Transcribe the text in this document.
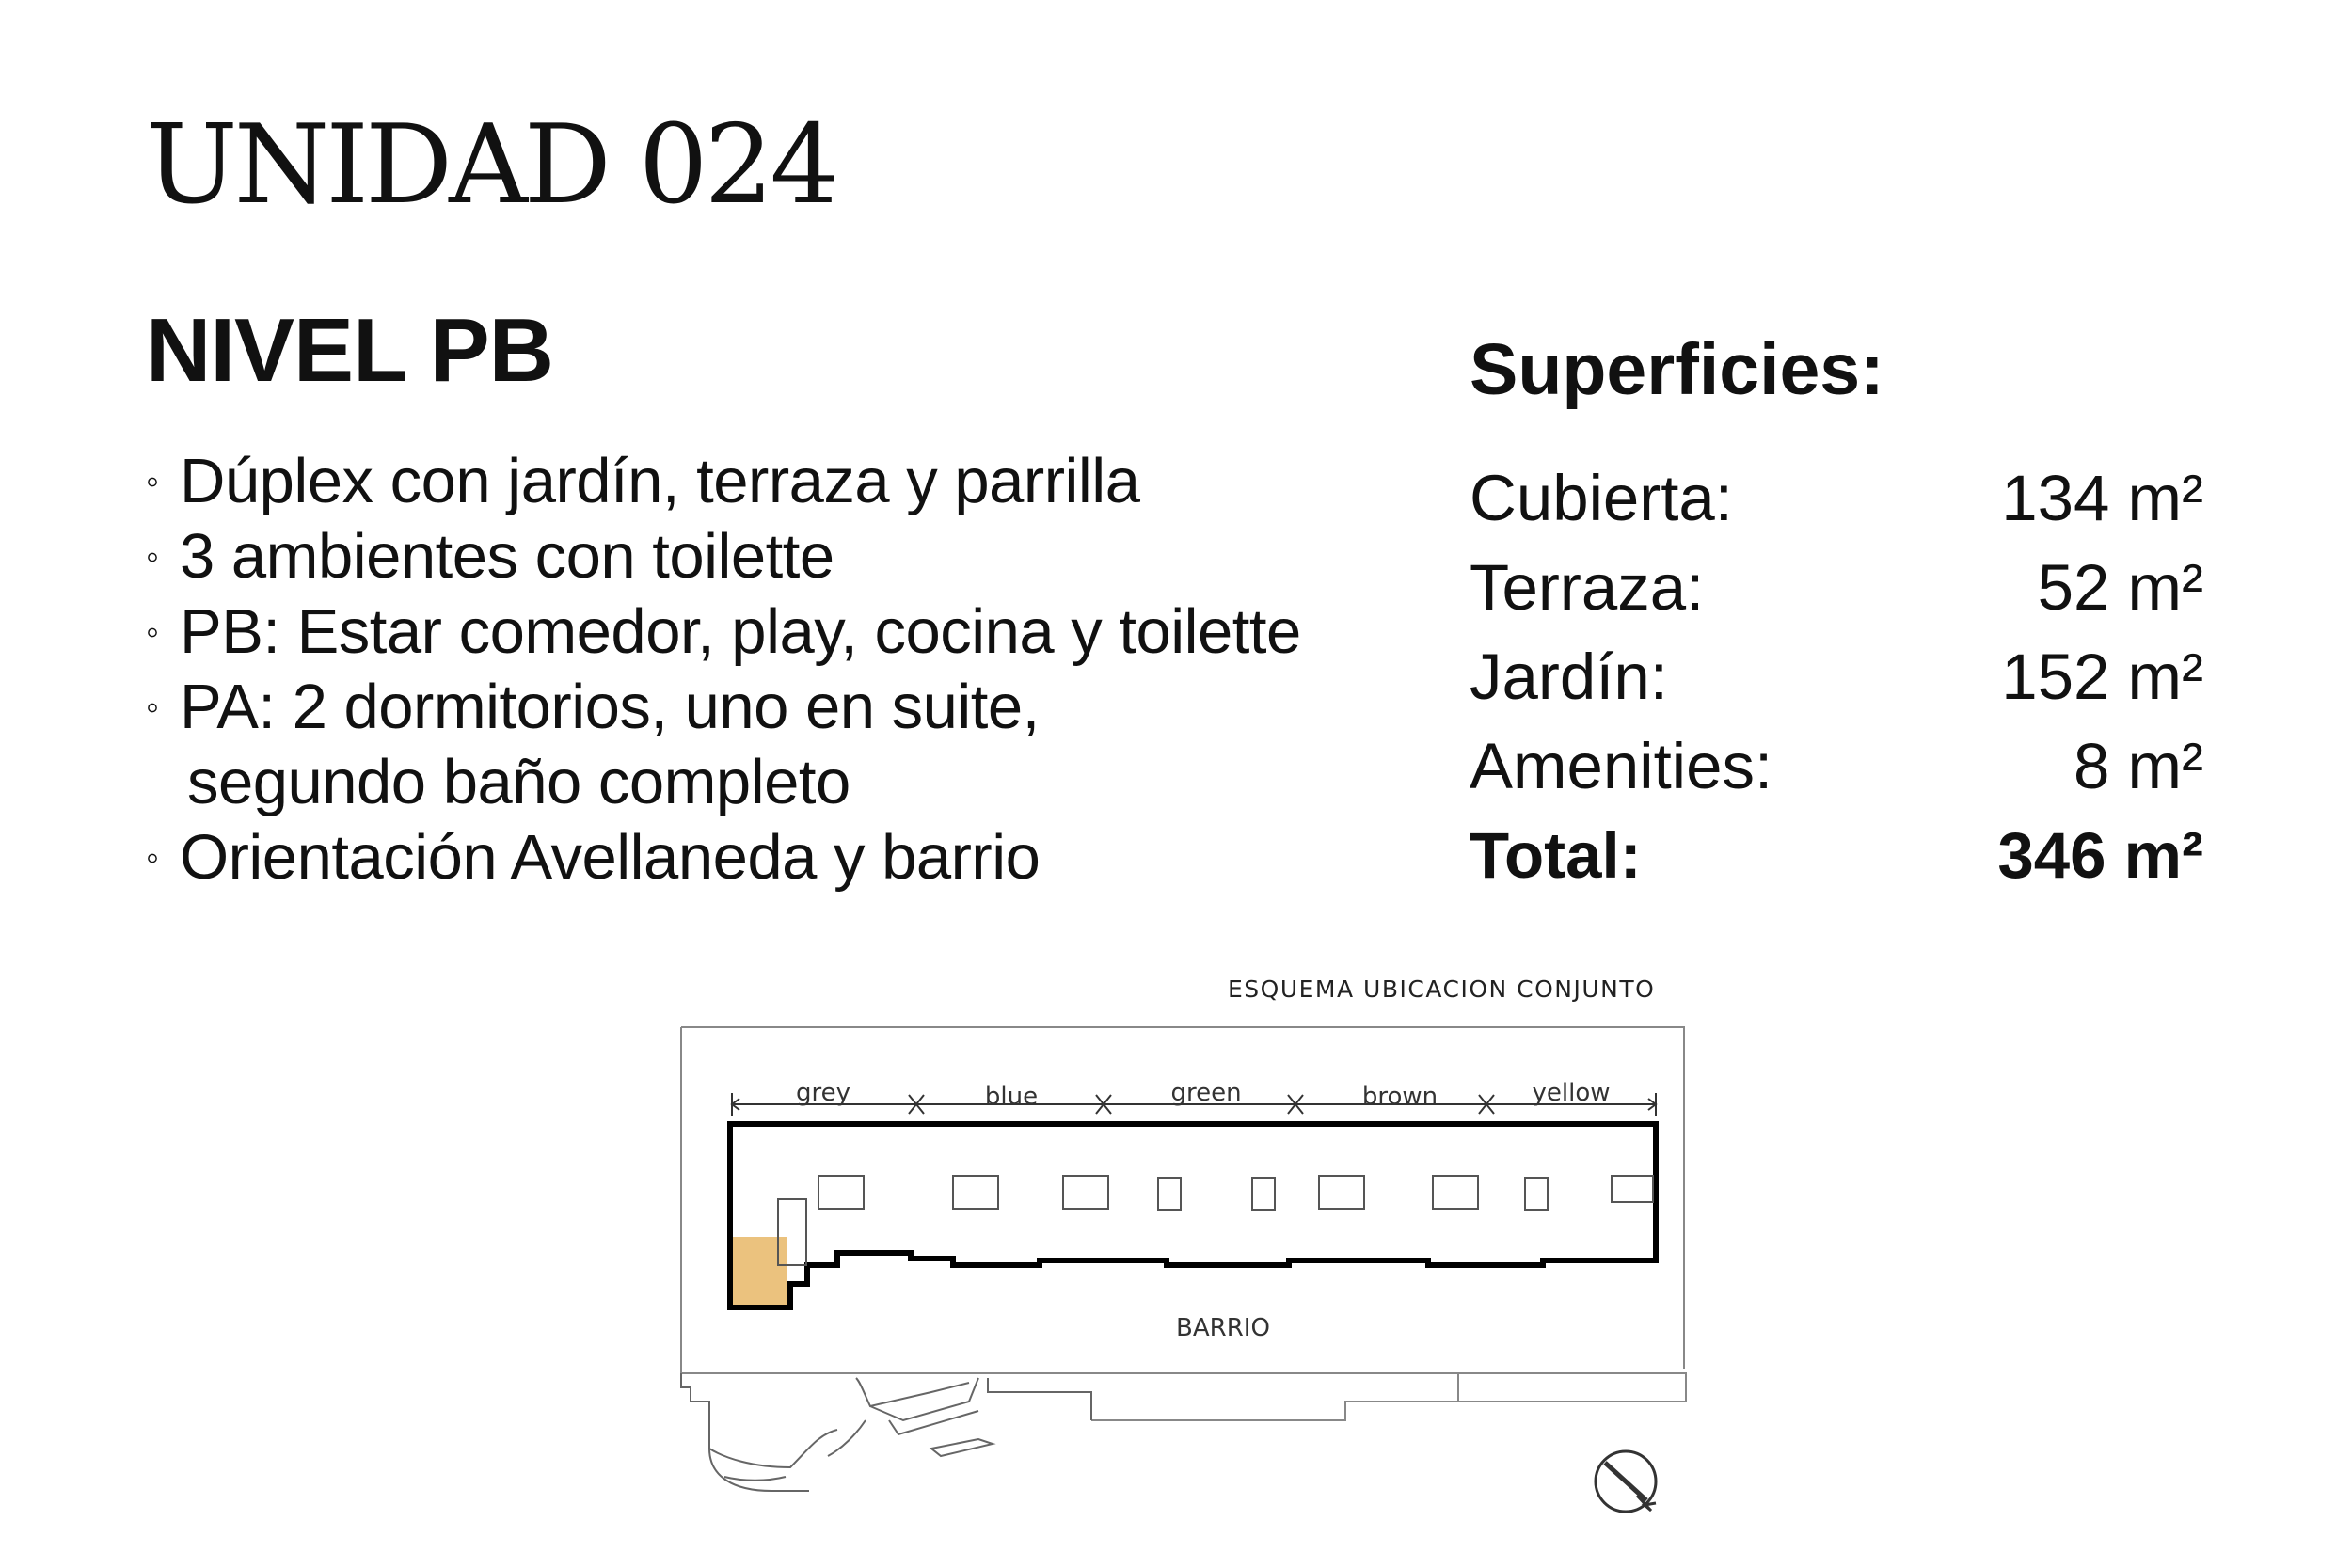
UNIDAD 024
NIVEL PB
◦ Dúplex con jardín, terraza y parrilla
◦ 3 ambientes con toilette
◦ PB: Estar comedor, play, cocina y toilette
◦ PA: 2 dormitorios, uno en suite,
segundo baño completo
◦ Orientación Avellaneda y barrio
Superficies:
Cubierta:	134 m²
Terraza:	52 m²
Jardín:	152 m²
Amenities:	8 m²
Total:	346 m²
ESQUEMA UBICACION CONJUNTO
grey	blue	green	brown	yellow
BARRIO
